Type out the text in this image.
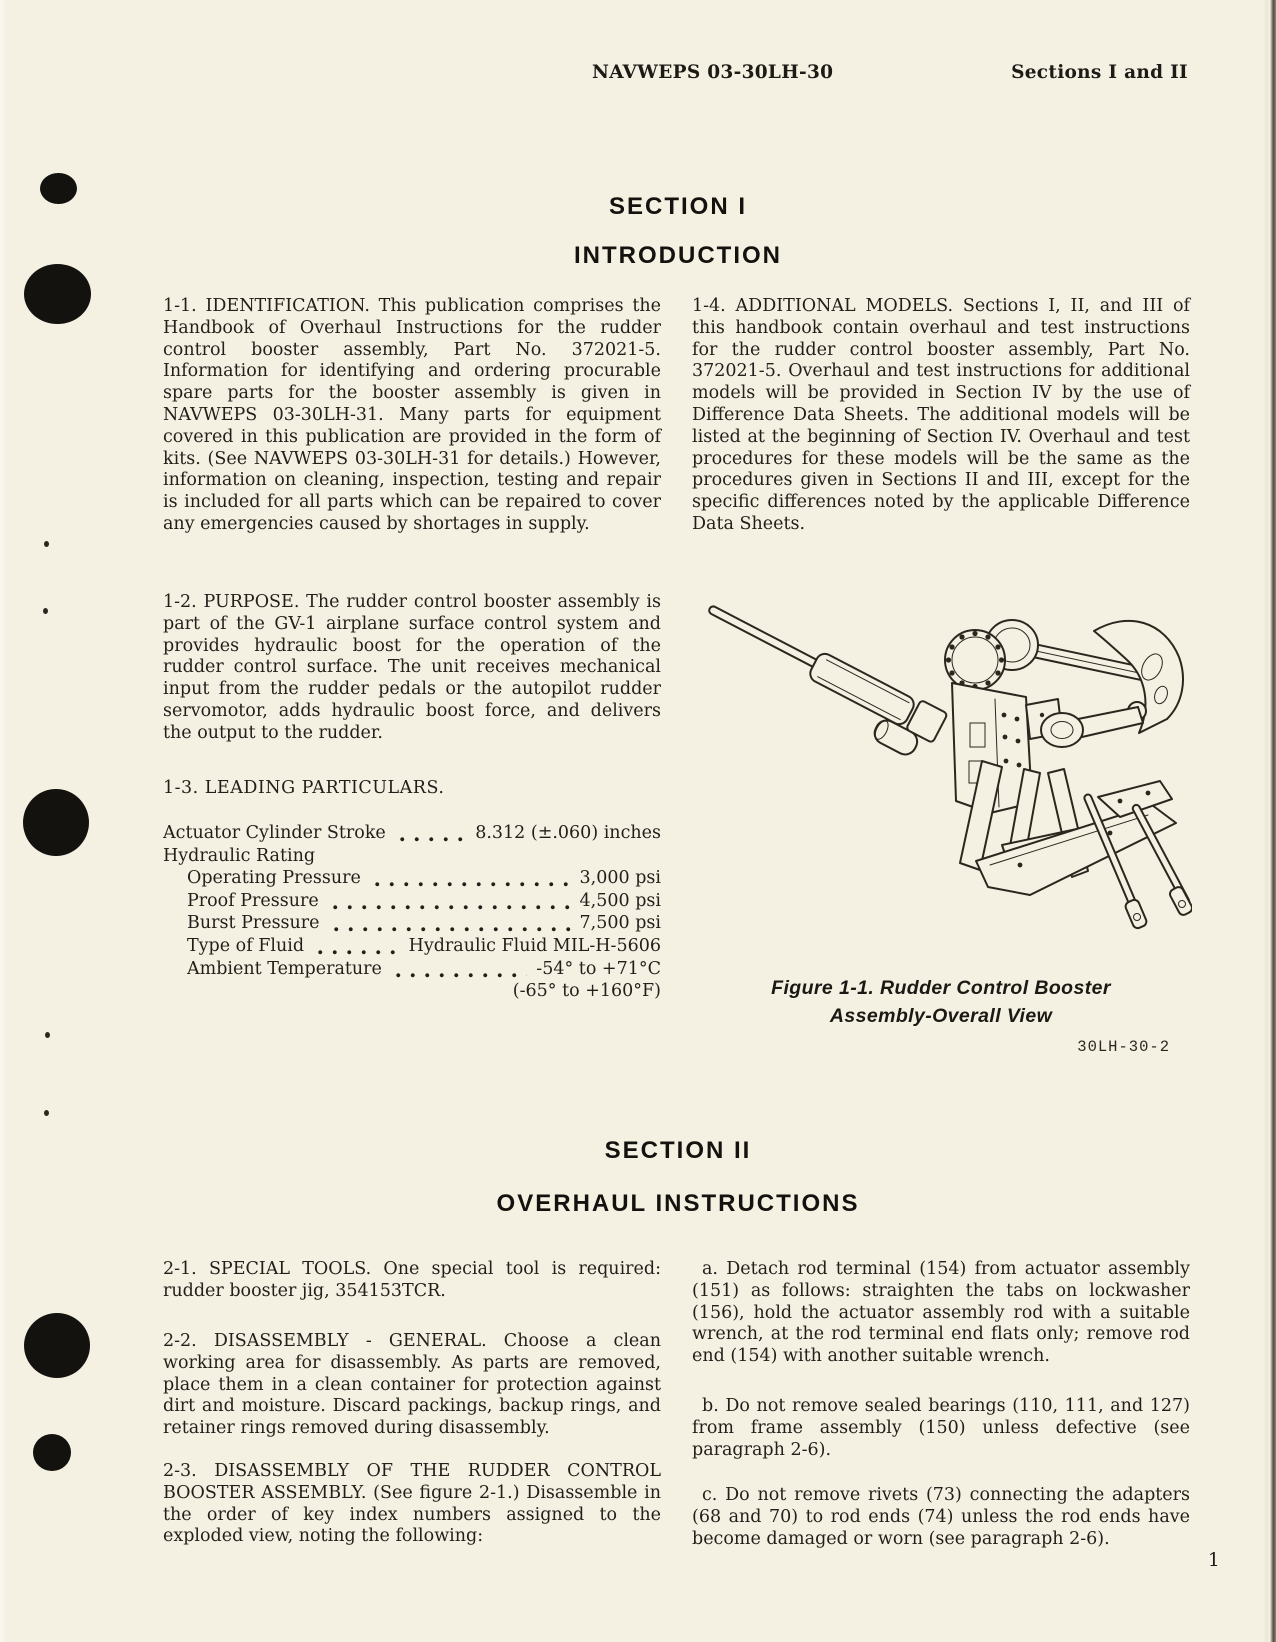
NAVWEPS 03-30LH-30	Sections I and II
SECTION I
INTRODUCTION
1-1. IDENTIFICATION. This publication comprises the Handbook of Overhaul Instructions for the rudder control booster assembly, Part No. 372021-5. Information for identifying and ordering procurable spare parts for the booster assembly is given in NAVWEPS 03-30LH-31. Many parts for equipment covered in this publication are provided in the form of kits. (See NAVWEPS 03-30LH-31 for details.) However, information on cleaning, inspection, testing and repair is included for all parts which can be repaired to cover any emergencies caused by shortages in supply.
1-2. PURPOSE. The rudder control booster assembly is part of the GV-1 airplane surface control system and provides hydraulic boost for the operation of the rudder control surface. The unit receives mechanical input from the rudder pedals or the autopilot rudder servomotor, adds hydraulic boost force, and delivers the output to the rudder.
1-3. LEADING PARTICULARS.
Actuator Cylinder Stroke	8.312 (±.060) inches
Hydraulic Rating
Operating Pressure	3,000 psi
Proof Pressure	4,500 psi
Burst Pressure	7,500 psi
Type of Fluid	Hydraulic Fluid MIL-H-5606
Ambient Temperature	-54° to +71°C
(-65° to +160°F)
1-4. ADDITIONAL MODELS. Sections I, II, and III of this handbook contain overhaul and test instructions for the rudder control booster assembly, Part No. 372021-5. Overhaul and test instructions for additional models will be provided in Section IV by the use of Difference Data Sheets. The additional models will be listed at the beginning of Section IV. Overhaul and test procedures for these models will be the same as the procedures given in Sections II and III, except for the specific differences noted by the applicable Difference Data Sheets.
Figure 1-1. Rudder Control Booster
Assembly-Overall View
30LH-30-2
SECTION II
OVERHAUL INSTRUCTIONS
2-1. SPECIAL TOOLS. One special tool is required: rudder booster jig, 354153TCR.
2-2. DISASSEMBLY - GENERAL. Choose a clean working area for disassembly. As parts are removed, place them in a clean container for protection against dirt and moisture. Discard packings, backup rings, and retainer rings removed during disassembly.
2-3. DISASSEMBLY OF THE RUDDER CONTROL BOOSTER ASSEMBLY. (See figure 2-1.) Disassemble in the order of key index numbers assigned to the exploded view, noting the following:
a. Detach rod terminal (154) from actuator assembly (151) as follows: straighten the tabs on lockwasher (156), hold the actuator assembly rod with a suitable wrench, at the rod terminal end flats only; remove rod end (154) with another suitable wrench.
b. Do not remove sealed bearings (110, 111, and 127) from frame assembly (150) unless defective (see paragraph 2-6).
c. Do not remove rivets (73) connecting the adapters (68 and 70) to rod ends (74) unless the rod ends have become damaged or worn (see paragraph 2-6).
1
